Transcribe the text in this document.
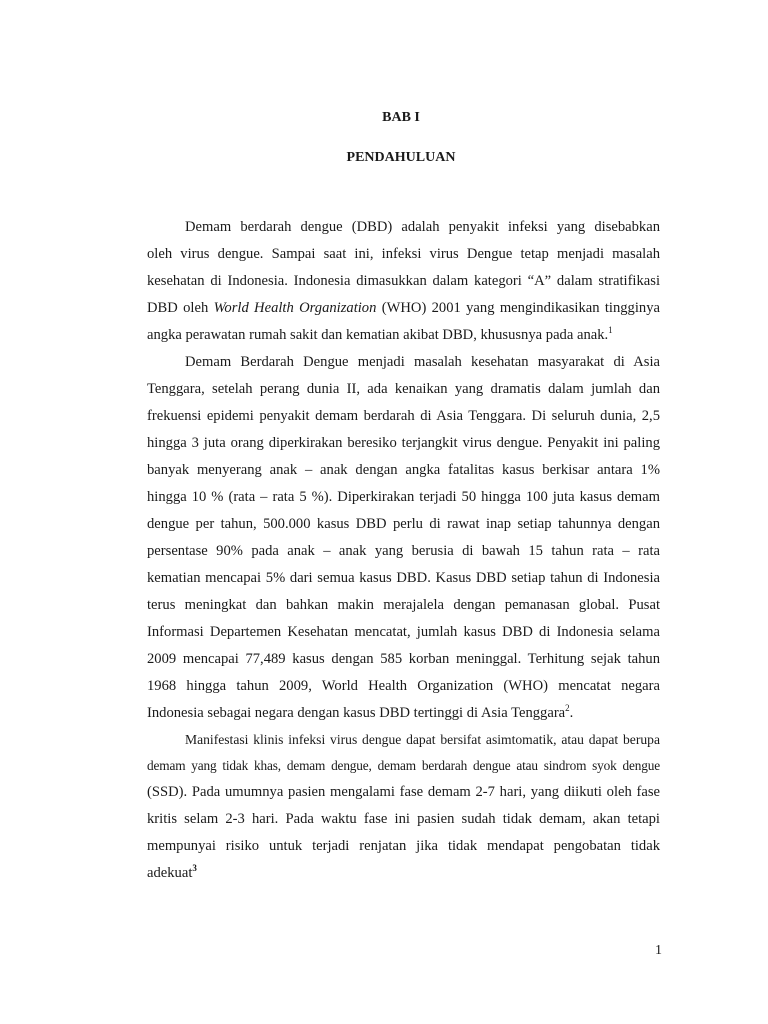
BAB I
PENDAHULUAN
Demam berdarah dengue (DBD) adalah penyakit infeksi yang disebabkan
oleh virus dengue. Sampai saat ini, infeksi virus Dengue tetap menjadi masalah
kesehatan di Indonesia. Indonesia dimasukkan dalam kategori “A” dalam stratifikasi
DBD oleh World Health Organization (WHO) 2001 yang mengindikasikan tingginya
angka perawatan rumah sakit dan kematian akibat DBD, khususnya pada anak.$^1$
Demam Berdarah Dengue menjadi masalah kesehatan masyarakat di Asia
Tenggara, setelah perang dunia II, ada kenaikan yang dramatis dalam jumlah dan
frekuensi epidemi penyakit demam berdarah di Asia Tenggara. Di seluruh dunia, 2,5
hingga 3 juta orang diperkirakan beresiko terjangkit virus dengue. Penyakit ini paling
banyak menyerang anak – anak dengan angka fatalitas kasus berkisar antara 1%
hingga 10 % (rata – rata 5 %). Diperkirakan terjadi 50 hingga 100 juta kasus demam
dengue per tahun, 500.000 kasus DBD perlu di rawat inap setiap tahunnya dengan
persentase 90% pada anak – anak yang berusia di bawah 15 tahun rata – rata
kematian mencapai 5% dari semua kasus DBD. Kasus DBD setiap tahun di Indonesia
terus meningkat dan bahkan makin merajalela dengan pemanasan global. Pusat
Informasi Departemen Kesehatan mencatat, jumlah kasus DBD di Indonesia selama
2009 mencapai 77,489 kasus dengan 585 korban meninggal. Terhitung sejak tahun
1968 hingga tahun 2009, World Health Organization (WHO) mencatat negara
Indonesia sebagai negara dengan kasus DBD tertinggi di Asia Tenggara$^2$.
Manifestasi klinis infeksi virus dengue dapat bersifat asimtomatik, atau dapat berupa
demam yang tidak khas, demam dengue, demam berdarah dengue atau sindrom syok dengue
(SSD). Pada umumnya pasien mengalami fase demam 2-7 hari, yang diikuti oleh fase
kritis selam 2-3 hari. Pada waktu fase ini pasien sudah tidak demam, akan tetapi
mempunyai risiko untuk terjadi renjatan jika tidak mendapat pengobatan tidak
adekuat$^3$
1
